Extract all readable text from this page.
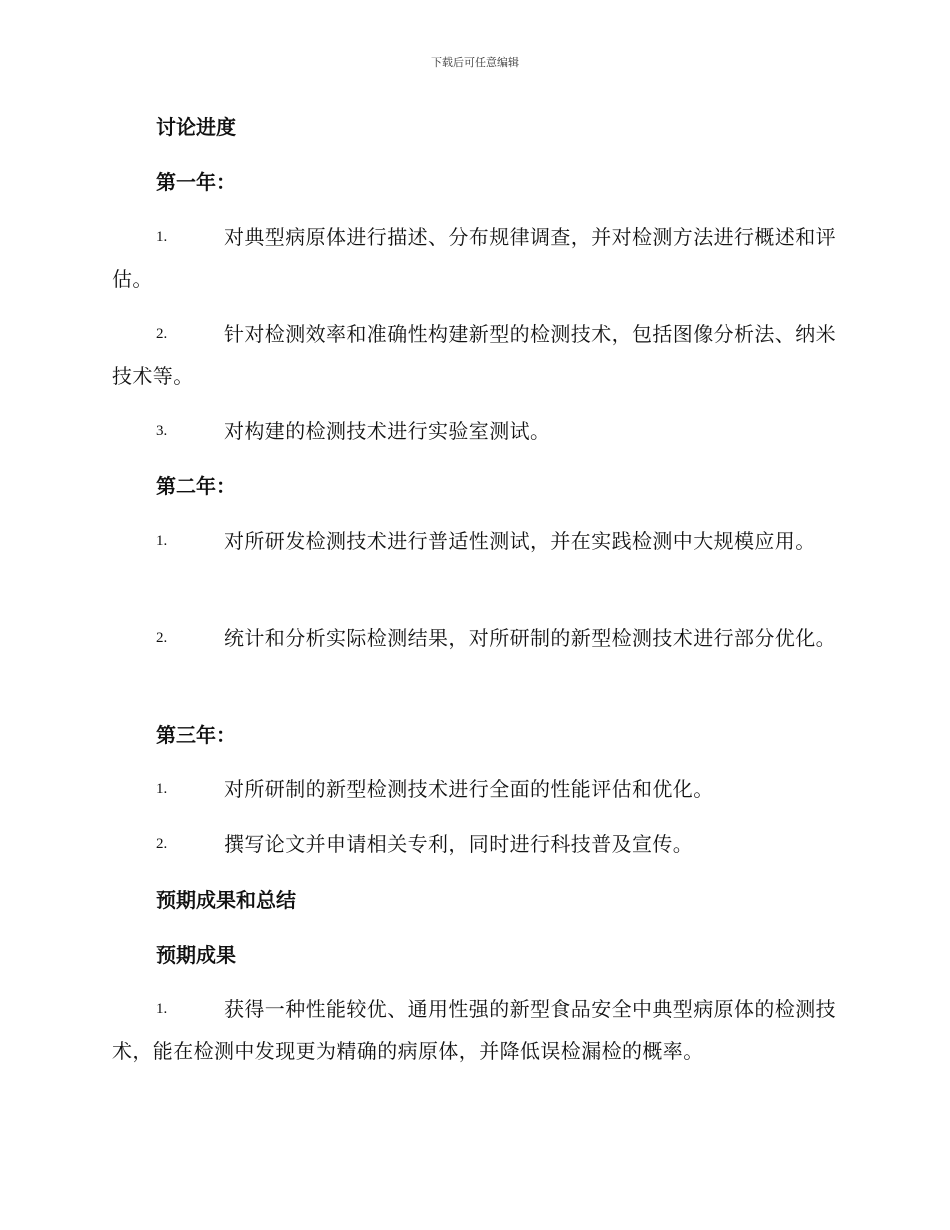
下载后可任意编辑
讨论进度
第一年：
1.	对典型病原体进行描述、分布规律调查，并对检测方法进行概述和评估。
2.	针对检测效率和准确性构建新型的检测技术，包括图像分析法、纳米技术等。
3.	对构建的检测技术进行实验室测试。
第二年：
1.	对所研发检测技术进行普适性测试，并在实践检测中大规模应用。
2.	统计和分析实际检测结果，对所研制的新型检测技术进行部分优化。
第三年：
1.	对所研制的新型检测技术进行全面的性能评估和优化。
2.	撰写论文并申请相关专利，同时进行科技普及宣传。
预期成果和总结
预期成果
1.	获得一种性能较优、通用性强的新型食品安全中典型病原体的检测技术，能在检测中发现更为精确的病原体，并降低误检漏检的概率。
